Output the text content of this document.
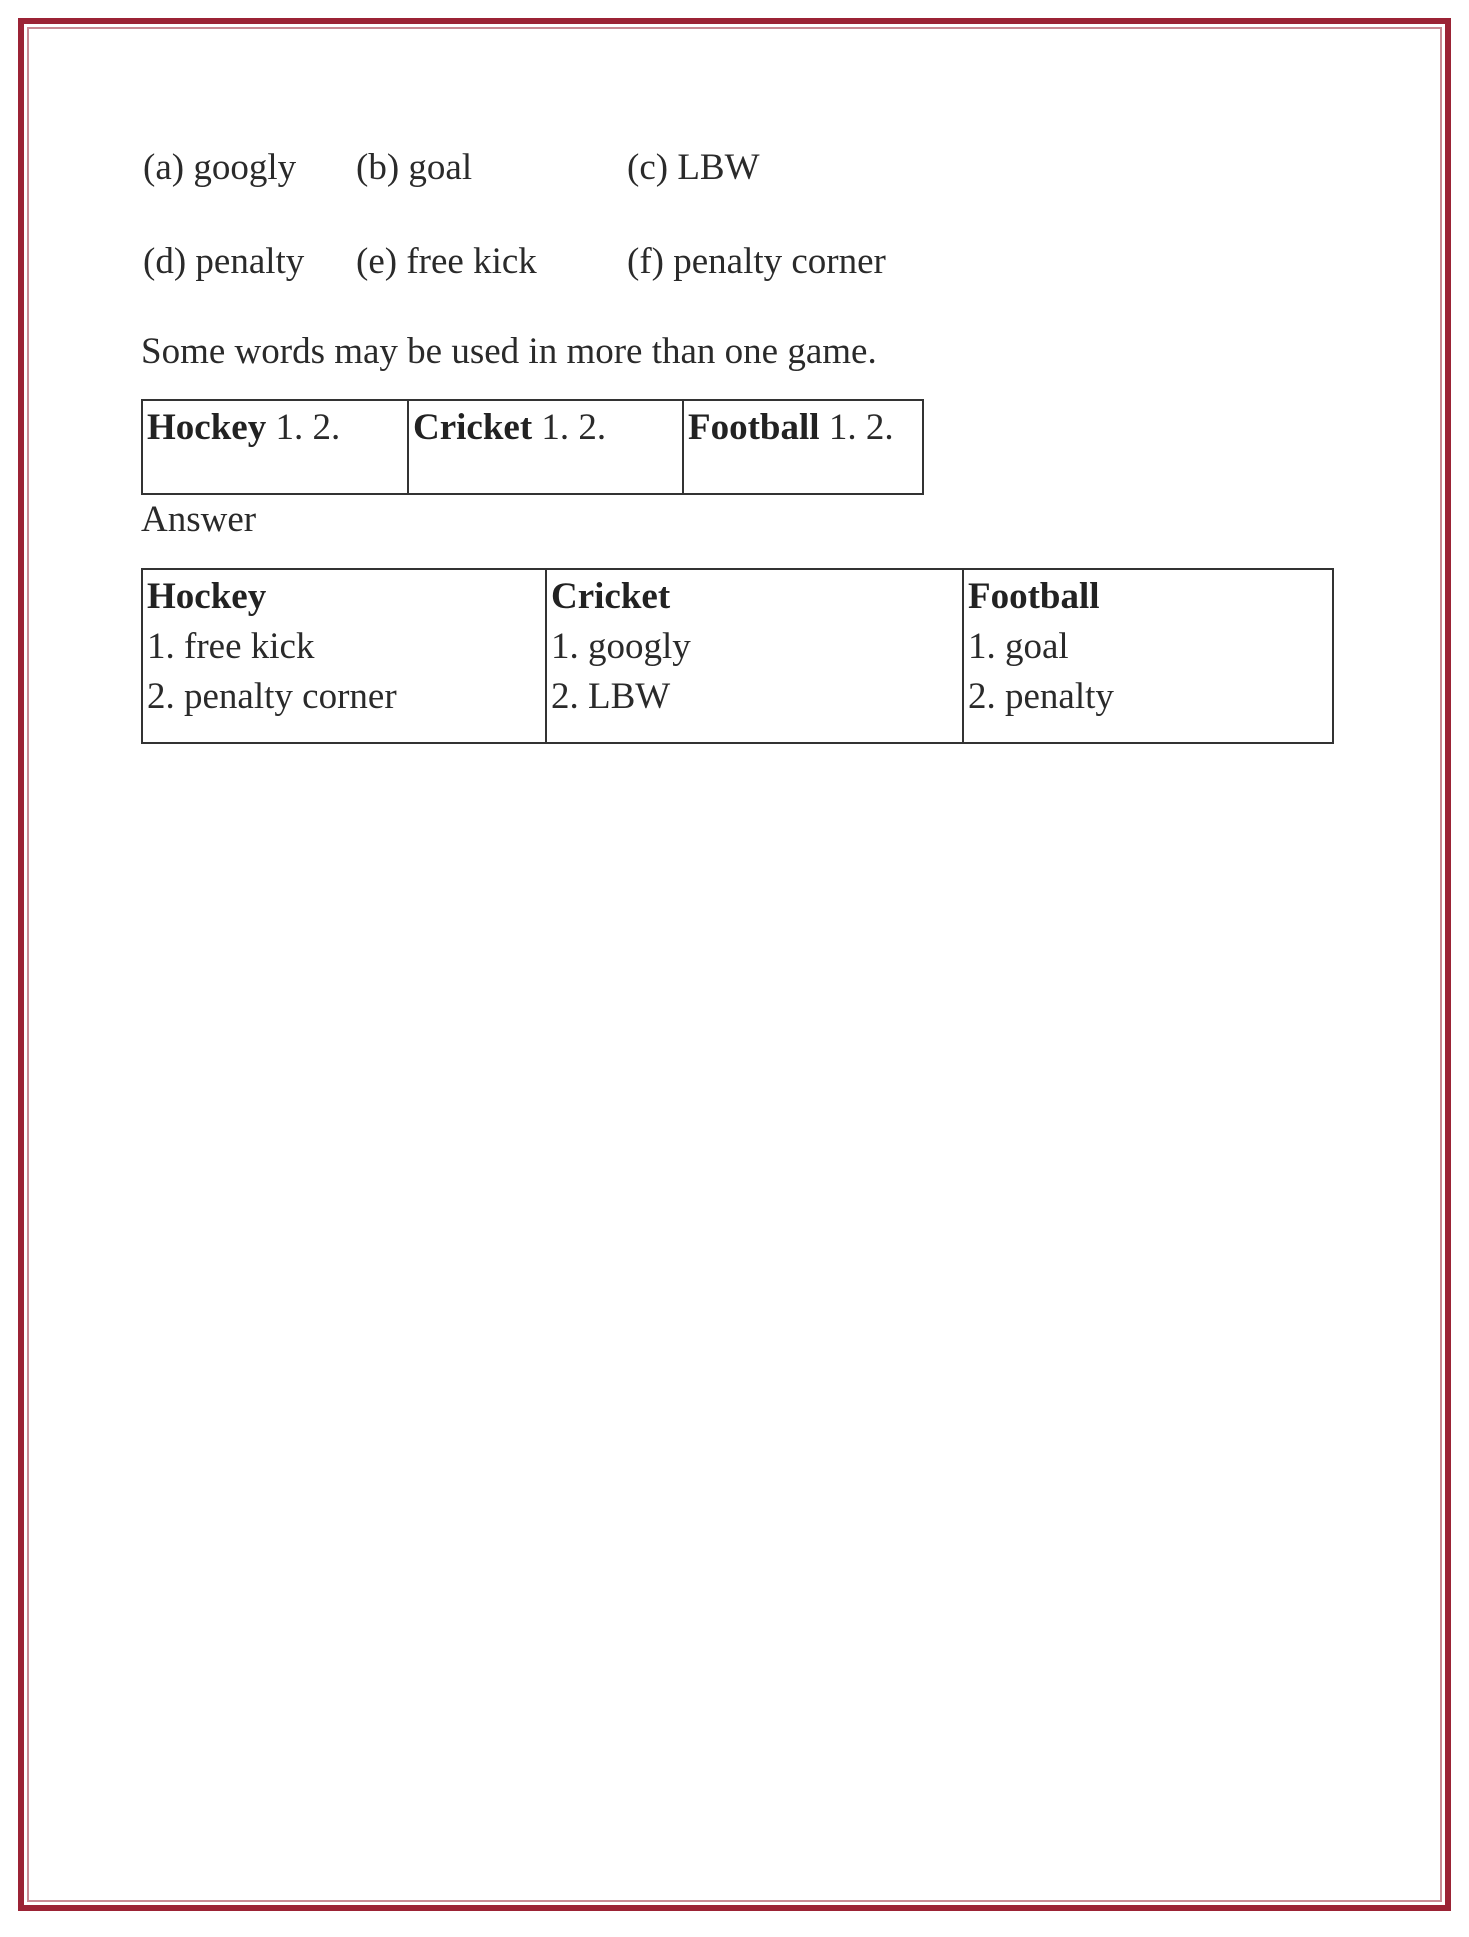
(a) googly (b) goal	(c) LBW
(d) penalty (e) free kick (f) penalty corner
Some words may be used in more than one game.
Hockey 1. 2.	Cricket 1. 2.	Football 1. 2.
Answer
Hockey
1. free kick
2. penalty corner	Cricket
1. googly
2. LBW	Football
1. goal
2. penalty
